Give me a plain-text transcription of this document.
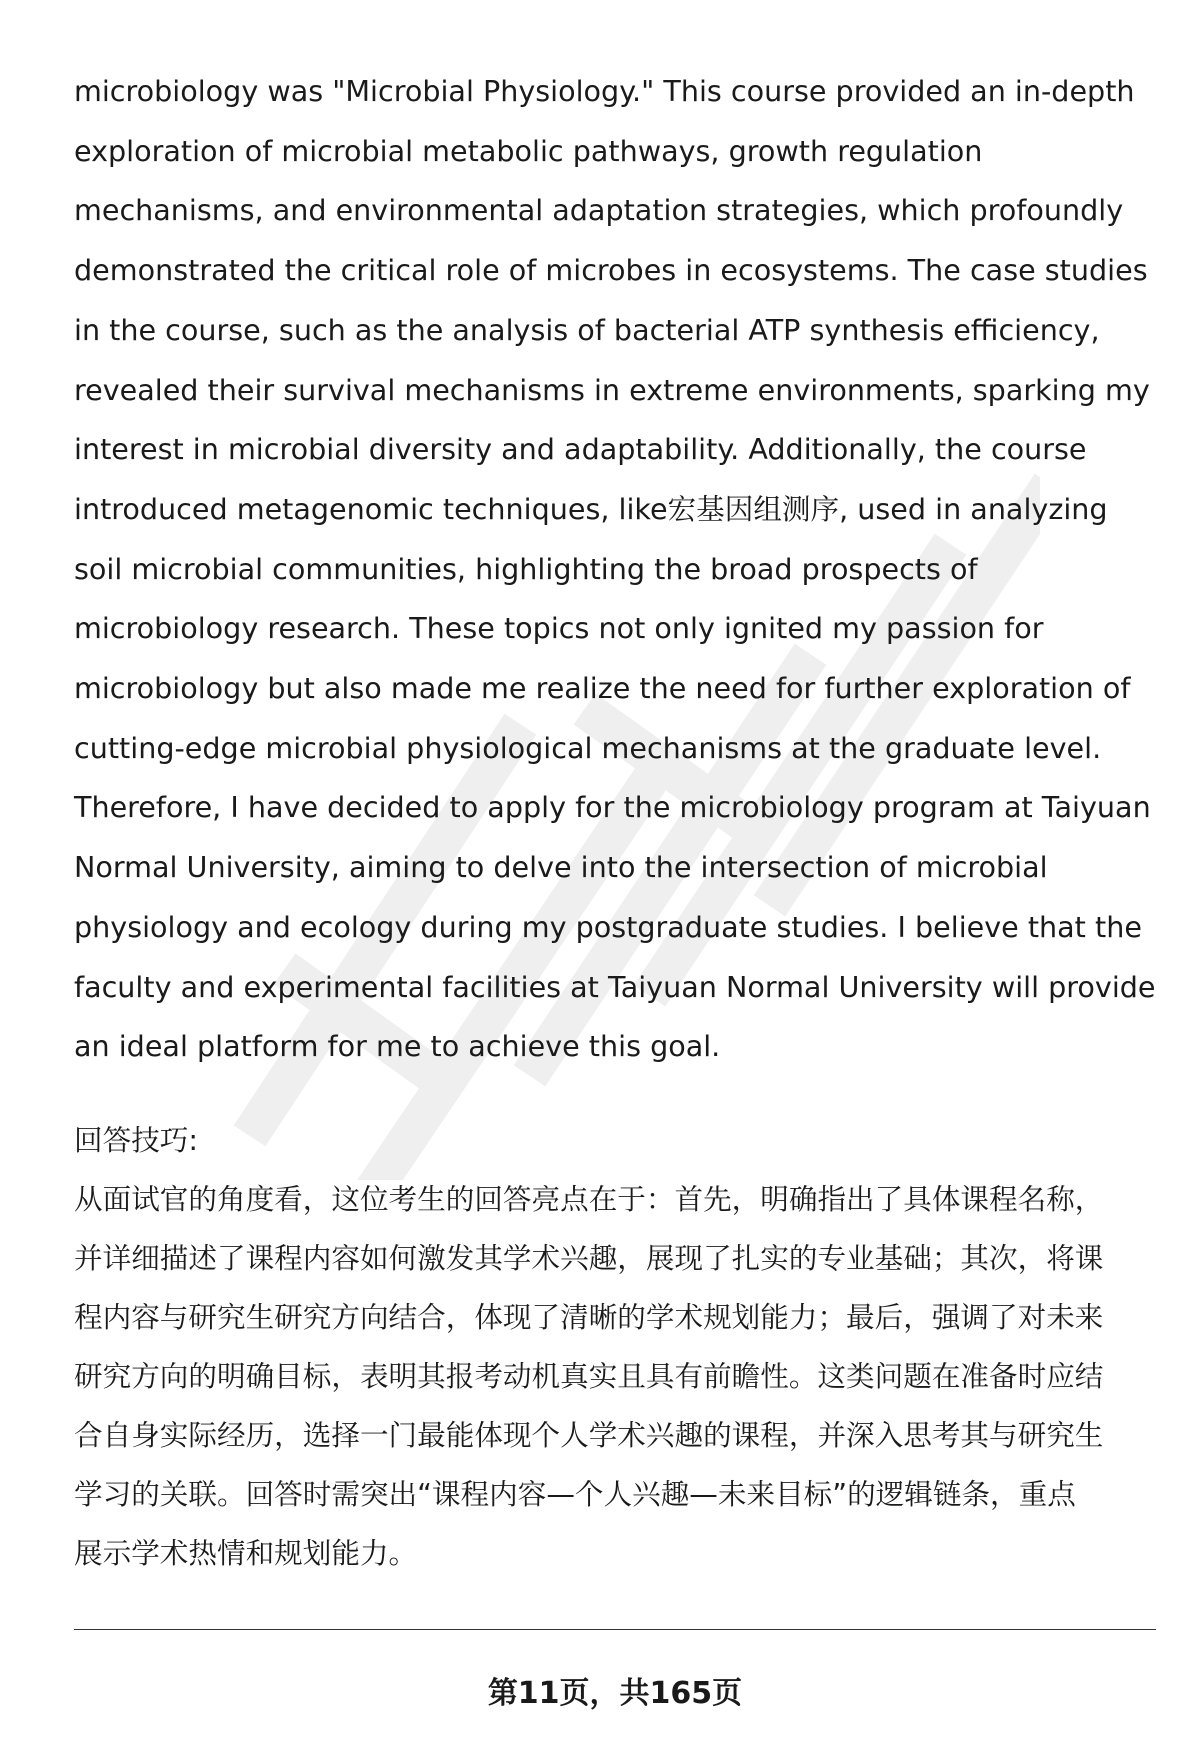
microbiology was "Microbial Physiology." This course provided an in-depth
exploration of microbial metabolic pathways, growth regulation
mechanisms, and environmental adaptation strategies, which profoundly
demonstrated the critical role of microbes in ecosystems. The case studies
in the course, such as the analysis of bacterial ATP synthesis efficiency,
revealed their survival mechanisms in extreme environments, sparking my
interest in microbial diversity and adaptability. Additionally, the course
introduced metagenomic techniques, like宏基因组测序, used in analyzing
soil microbial communities, highlighting the broad prospects of
microbiology research. These topics not only ignited my passion for
microbiology but also made me realize the need for further exploration of
cutting-edge microbial physiological mechanisms at the graduate level.
Therefore, I have decided to apply for the microbiology program at Taiyuan
Normal University, aiming to delve into the intersection of microbial
physiology and ecology during my postgraduate studies. I believe that the
faculty and experimental facilities at Taiyuan Normal University will provide
an ideal platform for me to achieve this goal.

回答技巧:

从面试官的角度看，这位考生的回答亮点在于：首先，明确指出了具体课程名称，
并详细描述了课程内容如何激发其学术兴趣，展现了扎实的专业基础；其次，将课
程内容与研究生研究方向结合，体现了清晰的学术规划能力；最后，强调了对未来
研究方向的明确目标，表明其报考动机真实且具有前瞻性。这类问题在准备时应结
合自身实际经历，选择一门最能体现个人学术兴趣的课程，并深入思考其与研究生
学习的关联。回答时需突出“课程内容—个人兴趣—未来目标”的逻辑链条，重点
展示学术热情和规划能力。

第11页，共165页
